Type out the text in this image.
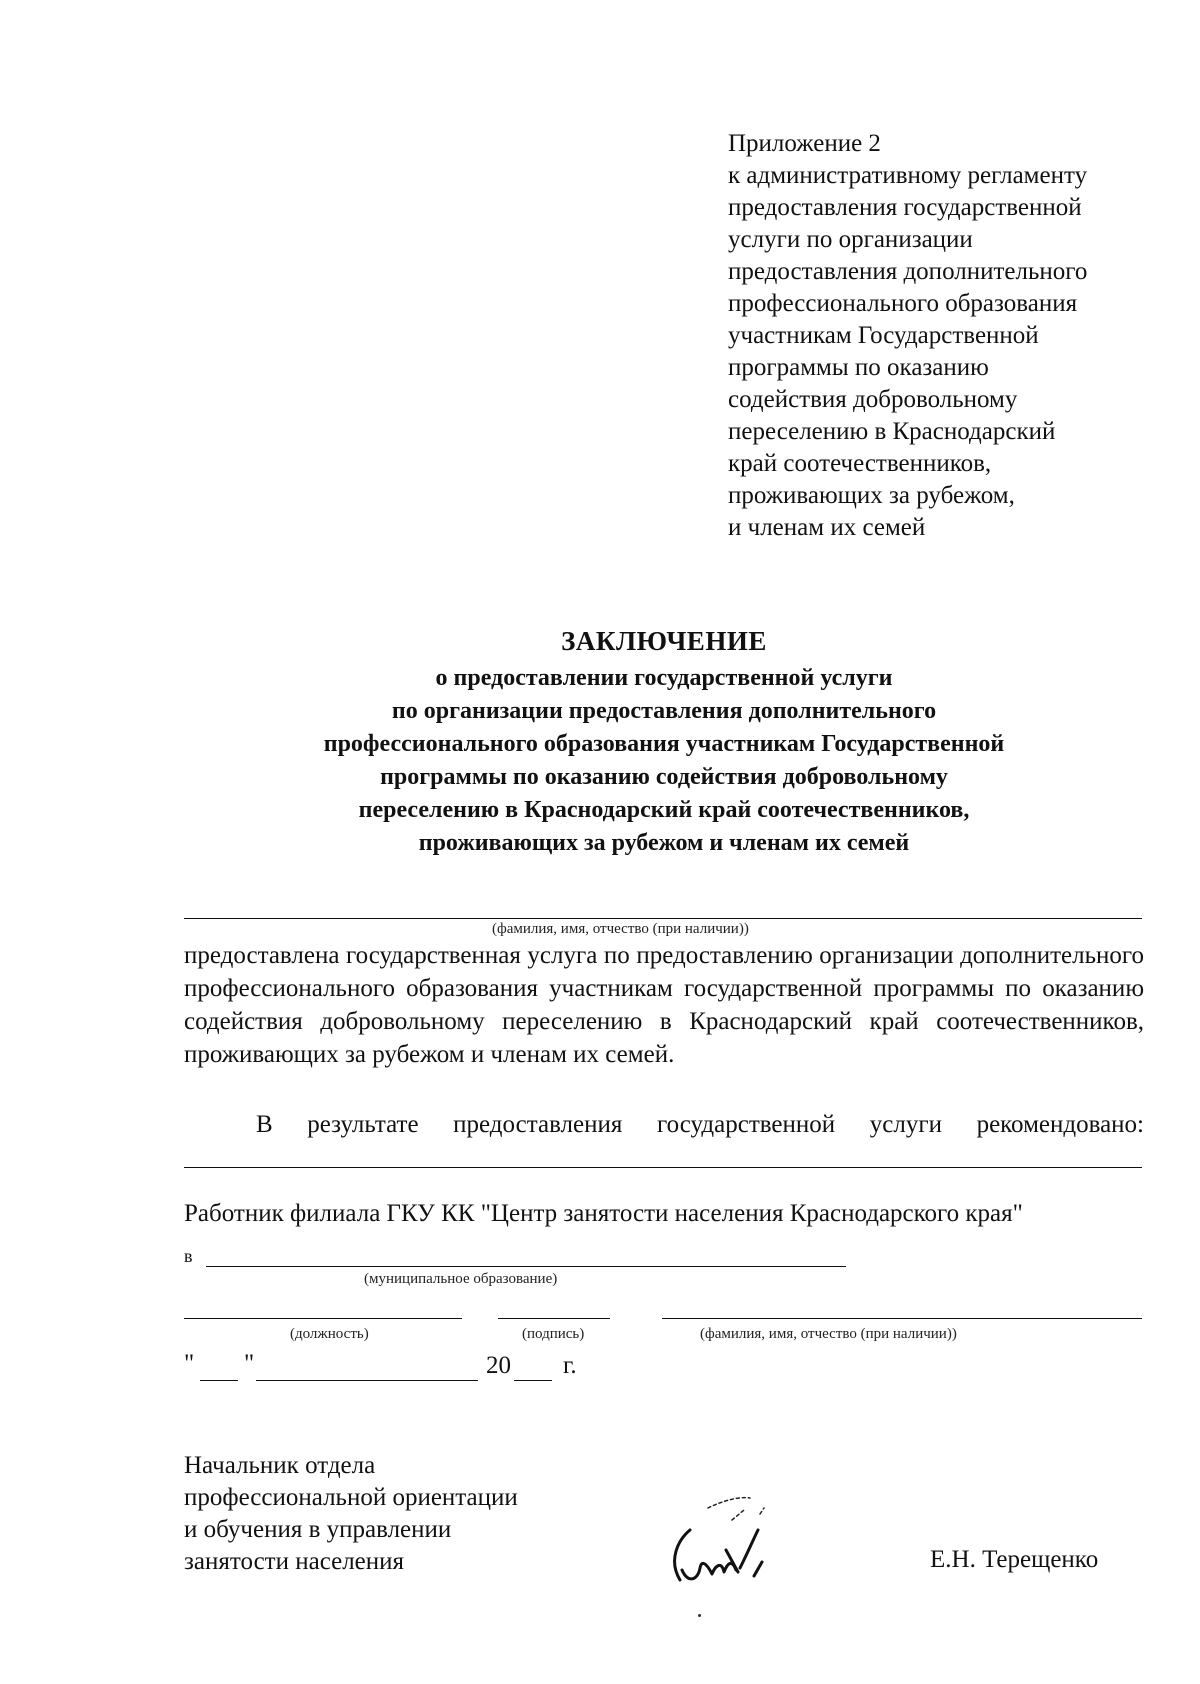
Приложение 2
к административному регламенту
предоставления государственной
услуги по организации
предоставления дополнительного
профессионального образования
участникам Государственной
программы по оказанию
содействия добровольному
переселению в Краснодарский
край соотечественников,
проживающих за рубежом,
и членам их семей
ЗАКЛЮЧЕНИЕ
о предоставлении государственной услуги
по организации предоставления дополнительного
профессионального образования участникам Государственной
программы по оказанию содействия добровольному
переселению в Краснодарский край соотечественников,
проживающих за рубежом и членам их семей
(фамилия, имя, отчество (при наличии))
предоставлена государственная услуга по предоставлению организации дополнительного профессионального образования участникам государственной программы по оказанию содействия добровольному переселению в Краснодарский край соотечественников, проживающих за рубежом и членам их семей.
В результате предоставления государственной услуги рекомендовано:
Работник филиала ГКУ КК "Центр занятости населения Краснодарского края"
в
(муниципальное образование)
(должность)	(подпись)	(фамилия, имя, отчество (при наличии))
" "	20 г.
Начальник отдела
профессиональной ориентации
и обучения в управлении
занятости населения	Е.Н. Терещенко
